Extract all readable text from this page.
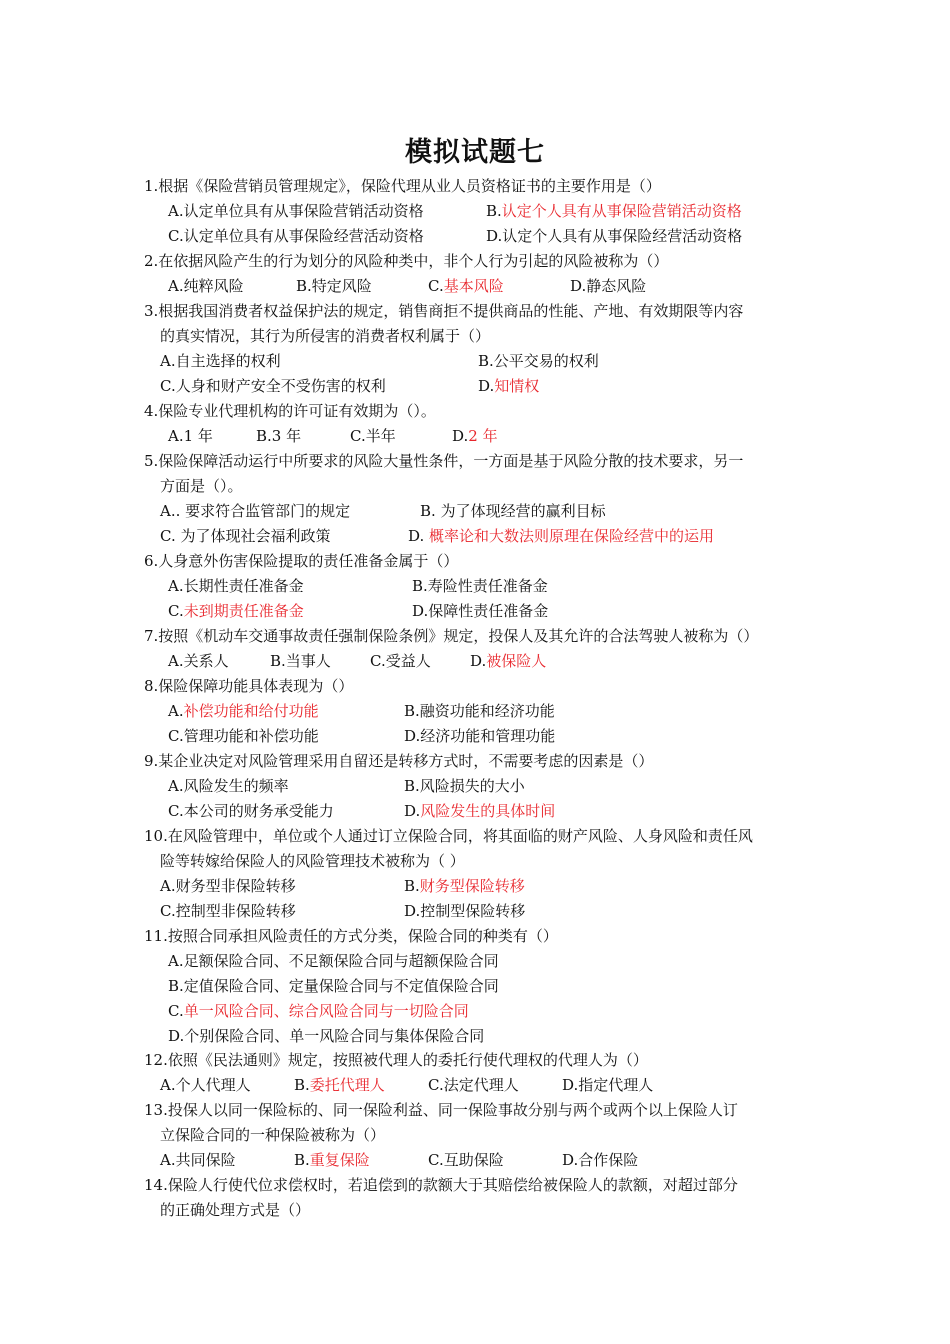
模拟试题七
1.根据《保险营销员管理规定》，保险代理从业人员资格证书的主要作用是（）
A.认定单位具有从事保险营销活动资格	B.认定个人具有从事保险营销活动资格
C.认定单位具有从事保险经营活动资格	D.认定个人具有从事保险经营活动资格
2.在依据风险产生的行为划分的风险种类中，非个人行为引起的风险被称为（）
A.纯粹风险	B.特定风险	C.基本风险	D.静态风险
3.根据我国消费者权益保护法的规定，销售商拒不提供商品的性能、产地、有效期限等内容
的真实情况，其行为所侵害的消费者权利属于（）
A.自主选择的权利	B.公平交易的权利
C.人身和财产安全不受伤害的权利	D.知情权
4.保险专业代理机构的许可证有效期为（）。
A.1 年	B.3 年	C.半年	D.2 年
5.保险保障活动运行中所要求的风险大量性条件，一方面是基于风险分散的技术要求，另一
方面是（）。
A.. 要求符合监管部门的规定	B. 为了体现经营的赢利目标
C. 为了体现社会福利政策	D. 概率论和大数法则原理在保险经营中的运用
6.人身意外伤害保险提取的责任准备金属于（）
A.长期性责任准备金	B.寿险性责任准备金
C.未到期责任准备金	D.保障性责任准备金
7.按照《机动车交通事故责任强制保险条例》规定，投保人及其允许的合法驾驶人被称为（）
A.关系人	B.当事人	C.受益人	D.被保险人
8.保险保障功能具体表现为（）
A.补偿功能和给付功能	B.融资功能和经济功能
C.管理功能和补偿功能	D.经济功能和管理功能
9.某企业决定对风险管理采用自留还是转移方式时，不需要考虑的因素是（）
A.风险发生的频率	B.风险损失的大小
C.本公司的财务承受能力	D.风险发生的具体时间
10.在风险管理中，单位或个人通过订立保险合同，将其面临的财产风险、人身风险和责任风
险等转嫁给保险人的风险管理技术被称为（ ）
A.财务型非保险转移	B.财务型保险转移
C.控制型非保险转移	D.控制型保险转移
11.按照合同承担风险责任的方式分类，保险合同的种类有（）
A.足额保险合同、不足额保险合同与超额保险合同
B.定值保险合同、定量保险合同与不定值保险合同
C.单一风险合同、综合风险合同与一切险合同
D.个别保险合同、单一风险合同与集体保险合同
12.依照《民法通则》规定，按照被代理人的委托行使代理权的代理人为（）
A.个人代理人	B.委托代理人	C.法定代理人	D.指定代理人
13.投保人以同一保险标的、同一保险利益、同一保险事故分别与两个或两个以上保险人订
立保险合同的一种保险被称为（）
A.共同保险	B.重复保险	C.互助保险	D.合作保险
14.保险人行使代位求偿权时，若追偿到的款额大于其赔偿给被保险人的款额，对超过部分
的正确处理方式是（）
